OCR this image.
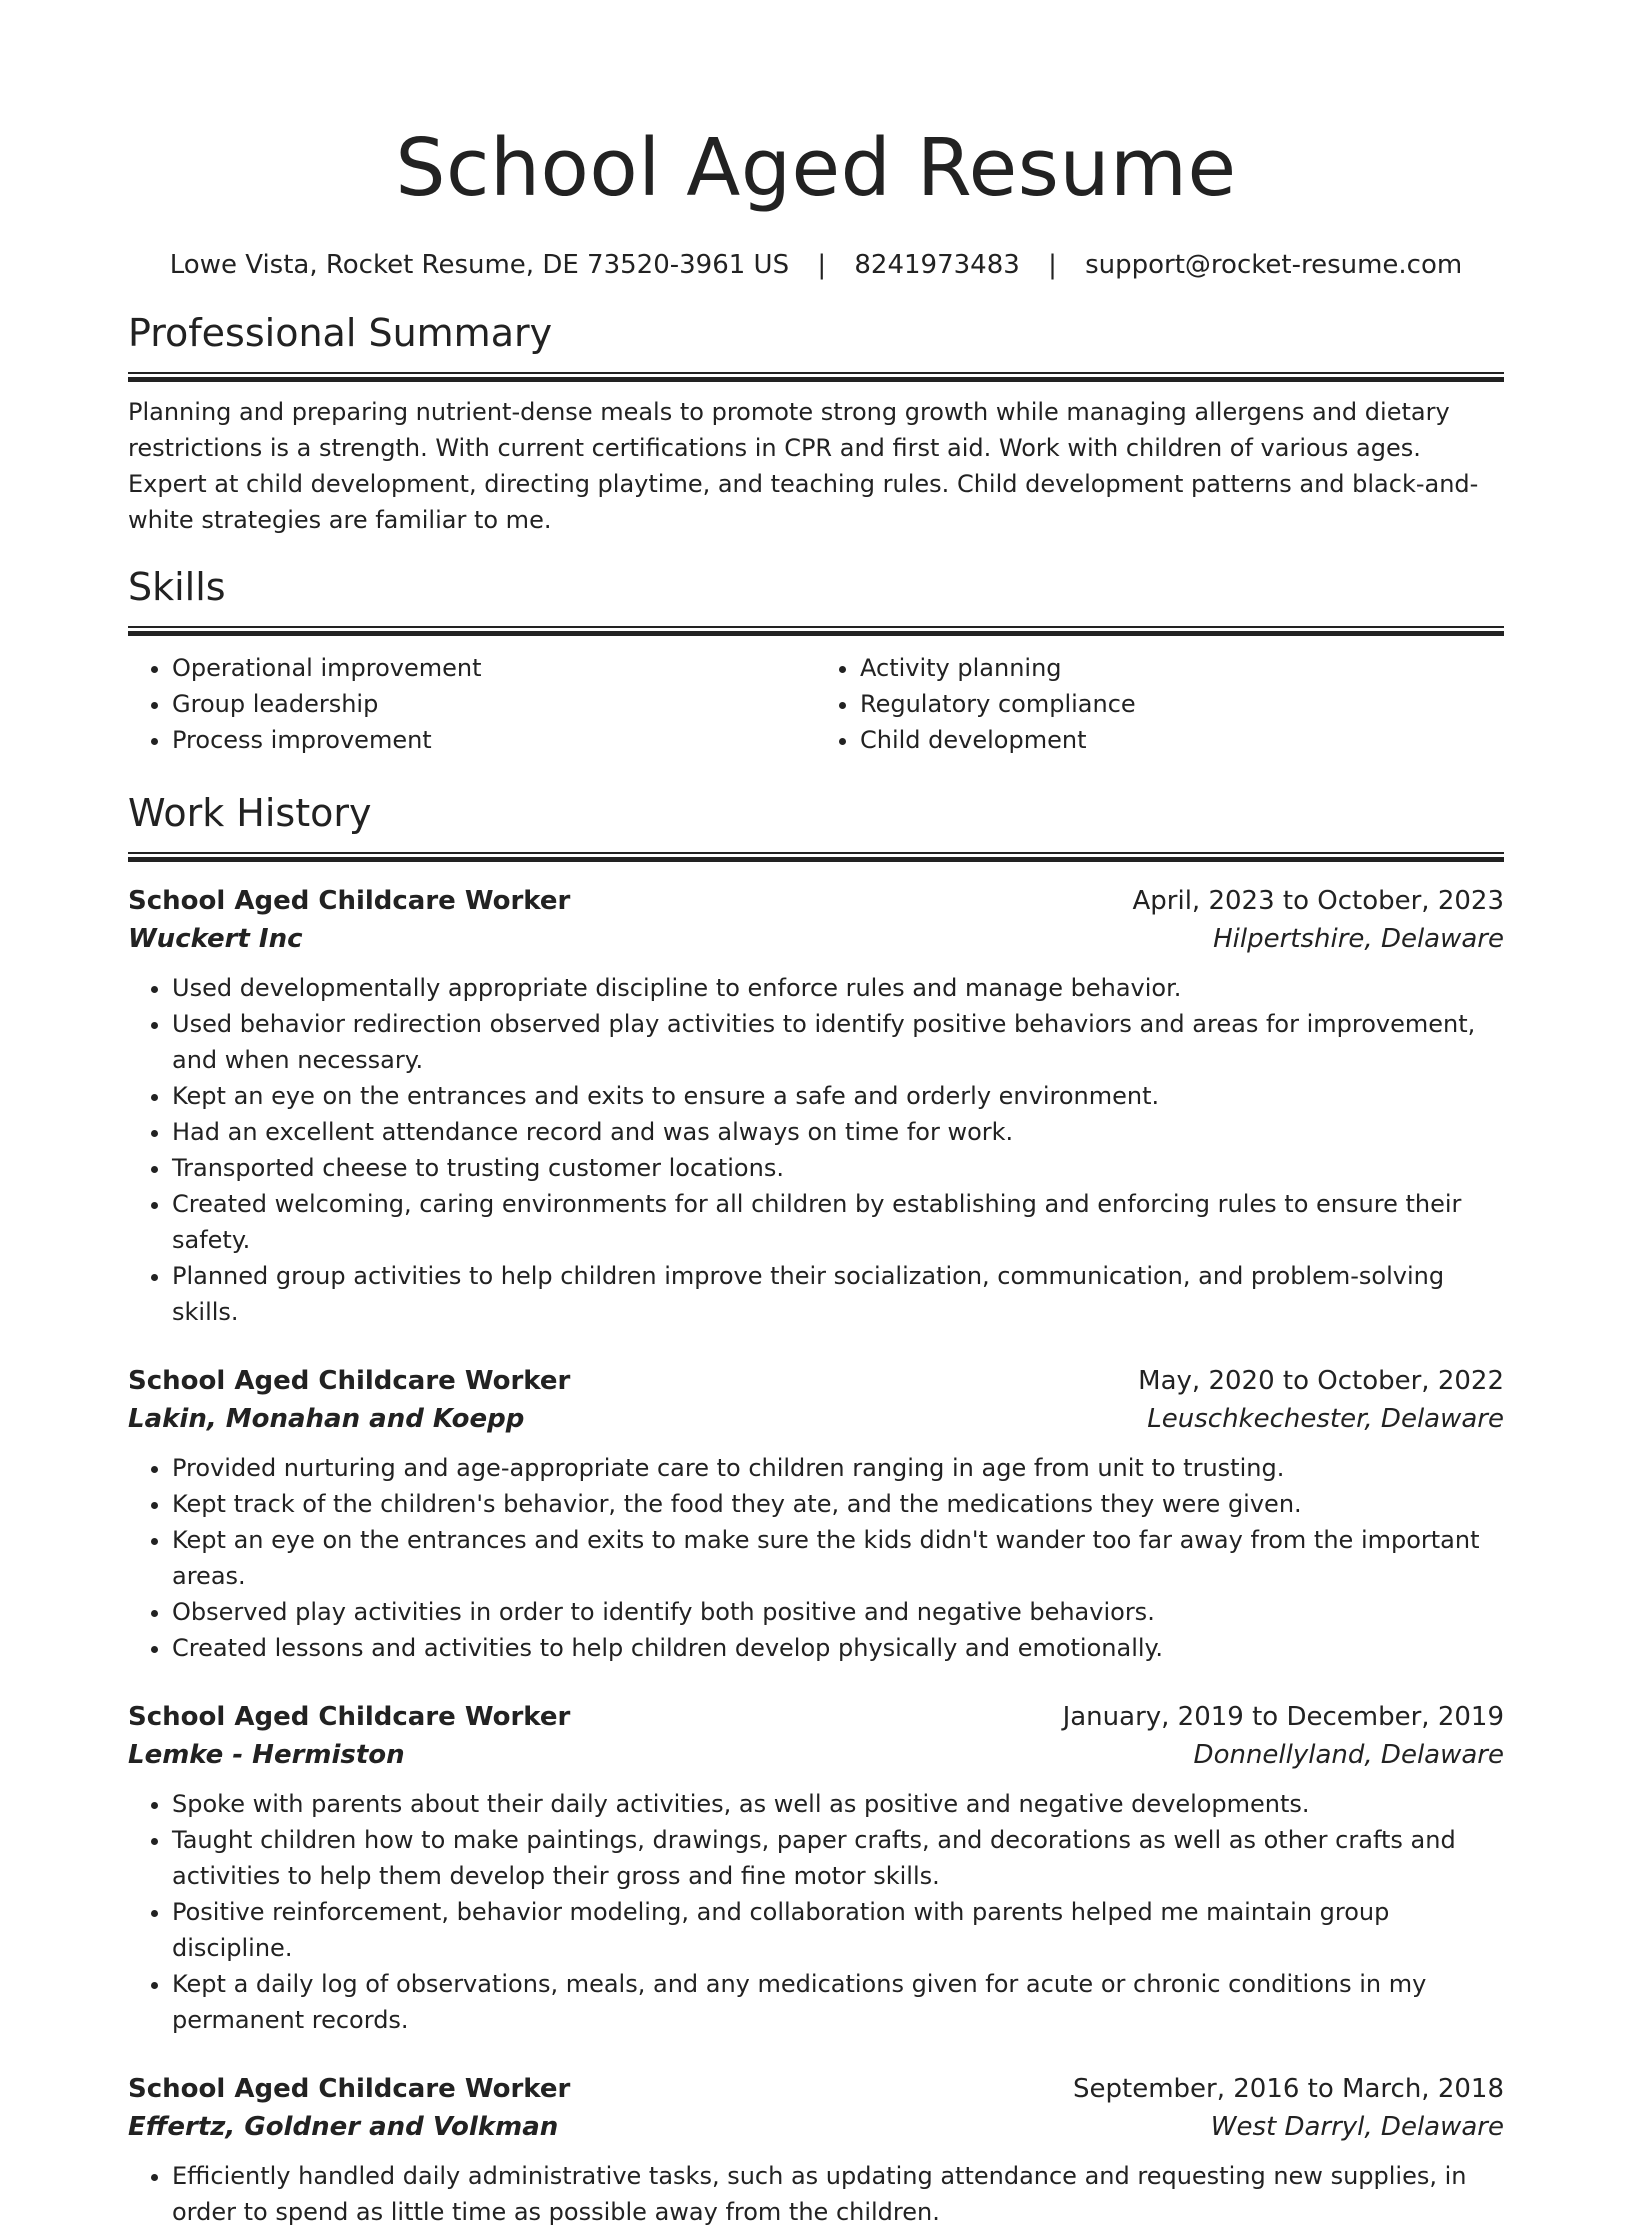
School Aged Resume
Lowe Vista, Rocket Resume, DE 73520-3961 US | 8241973483 | support@rocket-resume.com
Professional Summary

Planning and preparing nutrient-dense meals to promote strong growth while managing allergens and dietary restrictions is a strength. With current certifications in CPR and first aid. Work with children of various ages. Expert at child development, directing playtime, and teaching rules. Child development patterns and black-and-white strategies are familiar to me.

Skills
• Operational improvement
• Group leadership
• Process improvement
• Activity planning
• Regulatory compliance
• Child development
Work History
School Aged Childcare Worker	April, 2023 to October, 2023
Wuckert Inc	Hilpertshire, Delaware
• Used developmentally appropriate discipline to enforce rules and manage behavior.
• Used behavior redirection observed play activities to identify positive behaviors and areas for improvement, and when necessary.
• Kept an eye on the entrances and exits to ensure a safe and orderly environment.
• Had an excellent attendance record and was always on time for work.
• Transported cheese to trusting customer locations.
• Created welcoming, caring environments for all children by establishing and enforcing rules to ensure their safety.
• Planned group activities to help children improve their socialization, communication, and problem-solving skills.
School Aged Childcare Worker	May, 2020 to October, 2022
Lakin, Monahan and Koepp	Leuschkechester, Delaware
• Provided nurturing and age-appropriate care to children ranging in age from unit to trusting.
• Kept track of the children's behavior, the food they ate, and the medications they were given.
• Kept an eye on the entrances and exits to make sure the kids didn't wander too far away from the important areas.
• Observed play activities in order to identify both positive and negative behaviors.
• Created lessons and activities to help children develop physically and emotionally.
School Aged Childcare Worker	January, 2019 to December, 2019
Lemke - Hermiston	Donnellyland, Delaware
• Spoke with parents about their daily activities, as well as positive and negative developments.
• Taught children how to make paintings, drawings, paper crafts, and decorations as well as other crafts and activities to help them develop their gross and fine motor skills.
• Positive reinforcement, behavior modeling, and collaboration with parents helped me maintain group discipline.
• Kept a daily log of observations, meals, and any medications given for acute or chronic conditions in my permanent records.
School Aged Childcare Worker	September, 2016 to March, 2018
Effertz, Goldner and Volkman	West Darryl, Delaware
• Efficiently handled daily administrative tasks, such as updating attendance and requesting new supplies, in order to spend as little time as possible away from the children.
